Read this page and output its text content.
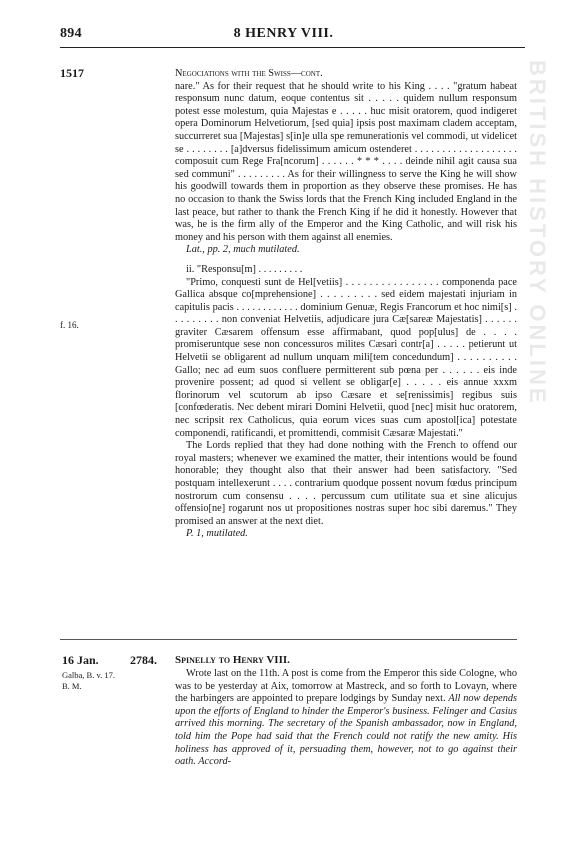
BRITISH HISTORY ONLINE
894	8 HENRY VIII.
1517
f. 16.

Negociations with the Swiss—cont.

nare." As for their request that he should write to his King . . . . "gratum habeat responsum nunc datum, eoque contentus sit . . . . . quidem nullum responsum potest esse molestum, quia Majestas e . . . . . huc misit oratorem, quod indigeret opera Dominorum Helvetiorum, [sed quia] ipsis post maximam cladem acceptam, succurreret sua [Majestas] s[in]e ulla spe remunerationis vel commodi, ut videlicet se . . . . . . . . [a]dversus fidelissimum amicum ostenderet . . . . . . . . . . . . . . . . . . . composuit cum Rege Fra[ncorum] . . . . . . * * * . . . . deinde nihil agit causa sua sed communi" . . . . . . . . . As for their willingness to serve the King he will show his goodwill towards them in proportion as they observe these promises. He has no occasion to thank the Swiss lords that the French King included England in the last peace, but rather to thank the French King if he did it honestly. However that was, he is the firm ally of the Emperor and the King Catholic, and will risk his money and his person with them against all enemies.

Lat., pp. 2, much mutilated.

ii. "Responsu[m] . . . . . . . . .

"Primo, conquesti sunt de Hel[vetiis] . . . . . . . . . . . . . . . . componenda pace Gallica absque co[mprehensione] . . . . . . . . . sed eidem majestati injuriam in capitulis pacis . . . . . . . . . . . . dominium Genuæ, Regis Francorum et hoc nimi[s] . . . . . . . . . non conveniat Helvetiis, adjudicare jura Cæ[sareæ Majestatis] . . . . . . graviter Cæsarem offensum esse affirmabant, quod pop[ulus] de . . . . promiseruntque sese non concessuros milites Cæsari contr[a] . . . . . petierunt ut Helvetii se obligarent ad nullum unquam mili[tem concedundum] . . . . . . . . . . Gallo; nec ad eum suos confluere permitterent sub pœna per . . . . . . eis inde provenire possent; ad quod si vellent se obligar[e] . . . . . eis annue xxxm florinorum vel scutorum ab ipso Cæsare et se[renissimis] regibus suis [confœderatis. Nec debent mirari Domini Helvetii, quod [nec] misit huc oratorem, nec scripsit rex Catholicus, quia eorum vices suas cum apostol[ica] potestate componendi, ratificandi, et promittendi, commisit Cæsaræ Majestati."

The Lords replied that they had done nothing with the French to offend our royal masters; whenever we examined the matter, their intentions would be found honorable; they thought also that their answer had been satisfactory. "Sed postquam intellexerunt . . . . contrarium quodque possent novum fœdus principum nostrorum cum consensu . . . . percussum cum utilitate sua et sine alicujus offensio[ne] rogarunt nos ut propositiones nostras super hoc sibi daremus." They promised an answer at the next diet.

P. 1, mutilated.

16 Jan.	2784. Spinelly to Henry VIII.
Galba, B. v. 17.
B. M.

Wrote last on the 11th. A post is come from the Emperor this side Cologne, who was to be yesterday at Aix, tomorrow at Mastreck, and so forth to Lovayn, where the harbingers are appointed to prepare lodgings by Sunday next. All now depends upon the efforts of England to hinder the Emperor's business. Felinger and Casius arrived this morning. The secretary of the Spanish ambassador, now in England, told him the Pope had said that the French could not ratify the new amity. His holiness has approved of it, persuading them, however, not to go against their oath. Accord-
